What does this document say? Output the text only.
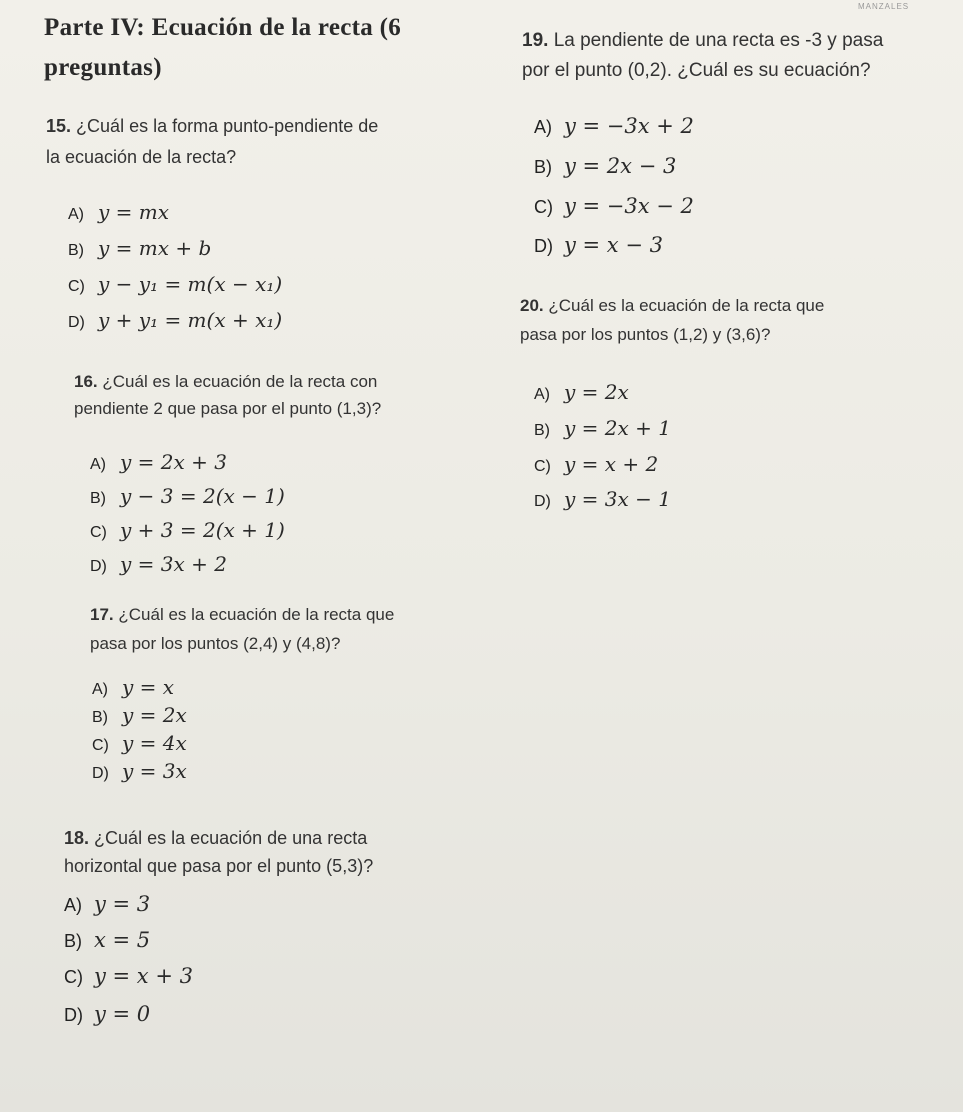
Parte IV: Ecuación de la recta (6
preguntas)
MANZALES
15. ¿Cuál es la forma punto-pendiente de
la ecuación de la recta?
A) y = mx
B) y = mx + b
C) y − y₁ = m(x − x₁)
D) y + y₁ = m(x + x₁)
16. ¿Cuál es la ecuación de la recta con
pendiente 2 que pasa por el punto (1,3)?
A) y = 2x + 3
B) y − 3 = 2(x − 1)
C) y + 3 = 2(x + 1)
D) y = 3x + 2
17. ¿Cuál es la ecuación de la recta que
pasa por los puntos (2,4) y (4,8)?
A) y = x
B) y = 2x
C) y = 4x
D) y = 3x
18. ¿Cuál es la ecuación de una recta
horizontal que pasa por el punto (5,3)?
A) y = 3
B) x = 5
C) y = x + 3
D) y = 0
19. La pendiente de una recta es -3 y pasa
por el punto (0,2). ¿Cuál es su ecuación?
A) y = −3x + 2
B) y = 2x − 3
C) y = −3x − 2
D) y = x − 3
20. ¿Cuál es la ecuación de la recta que
pasa por los puntos (1,2) y (3,6)?
A) y = 2x
B) y = 2x + 1
C) y = x + 2
D) y = 3x − 1
